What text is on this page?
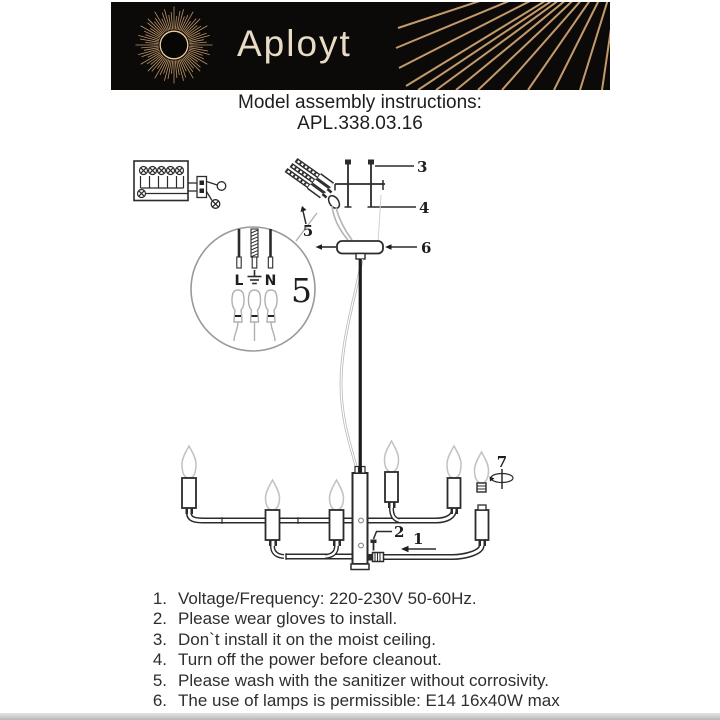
Aployt
Model assembly instructions:
APL.338.03.16
5
L N 5
3
4
6
7
2 1
1. Voltage/Frequency: 220-230V 50-60Hz.
2. Please wear gloves to install.
3. Don`t install it on the moist ceiling.
4. Turn off the power before cleanout.
5. Please wash with the sanitizer without corrosivity.
6. The use of lamps is permissible: E14 16x40W max
